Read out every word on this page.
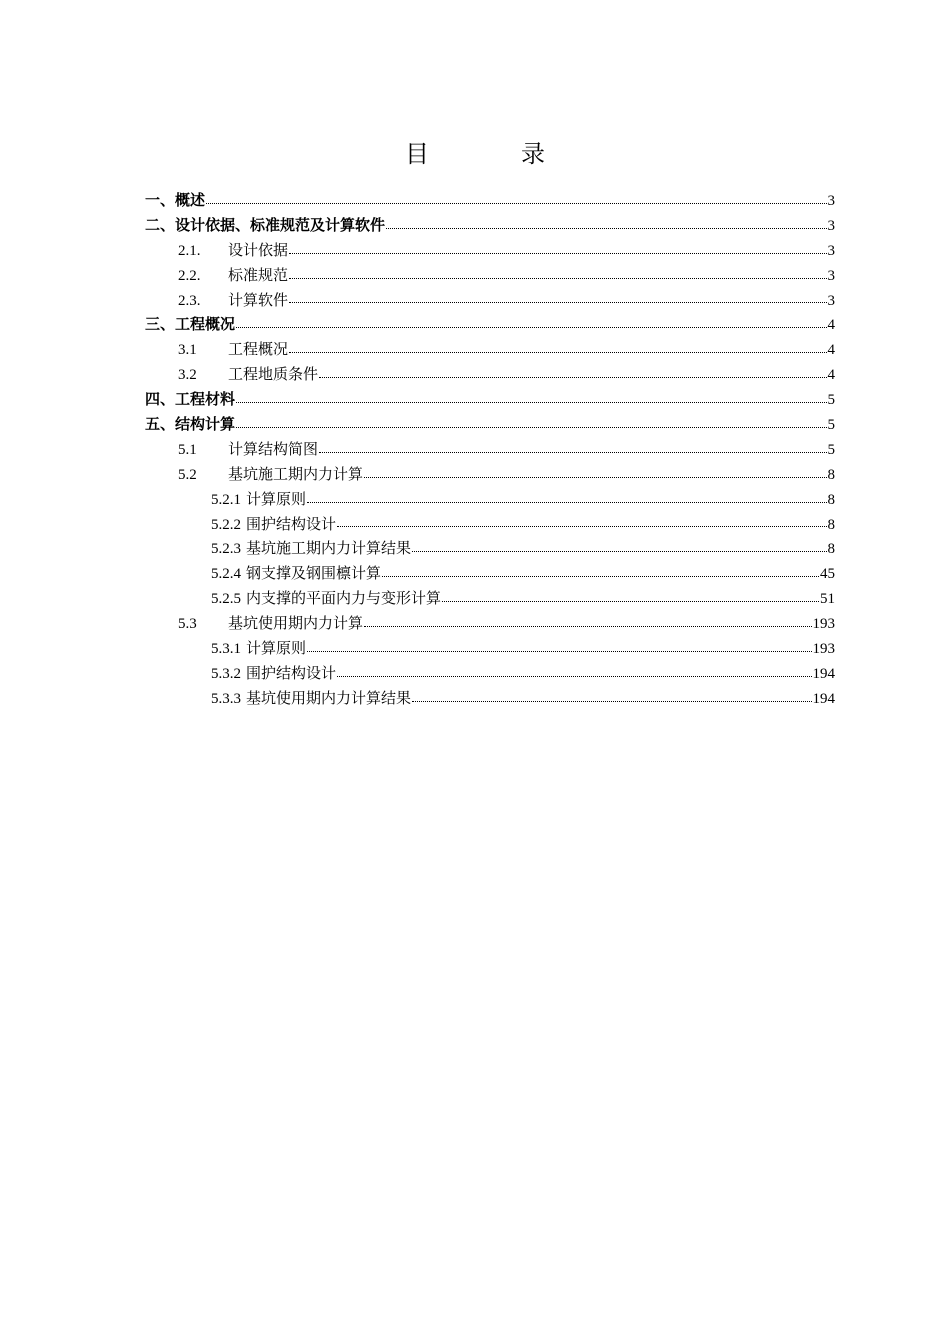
目　录
一、概述	3
二、设计依据、标准规范及计算软件	3
2.1.	设计依据	3
2.2.	标准规范	3
2.3.	计算软件	3
三、工程概况	4
3.1	工程概况	4
3.2	工程地质条件	4
四、工程材料	5
五、结构计算	5
5.1	计算结构简图	5
5.2	基坑施工期内力计算	8
5.2.1 计算原则	8
5.2.2 围护结构设计	8
5.2.3 基坑施工期内力计算结果	8
5.2.4 钢支撑及钢围檩计算	45
5.2.5 内支撑的平面内力与变形计算	51
5.3	基坑使用期内力计算	193
5.3.1 计算原则	193
5.3.2 围护结构设计	194
5.3.3 基坑使用期内力计算结果	194
